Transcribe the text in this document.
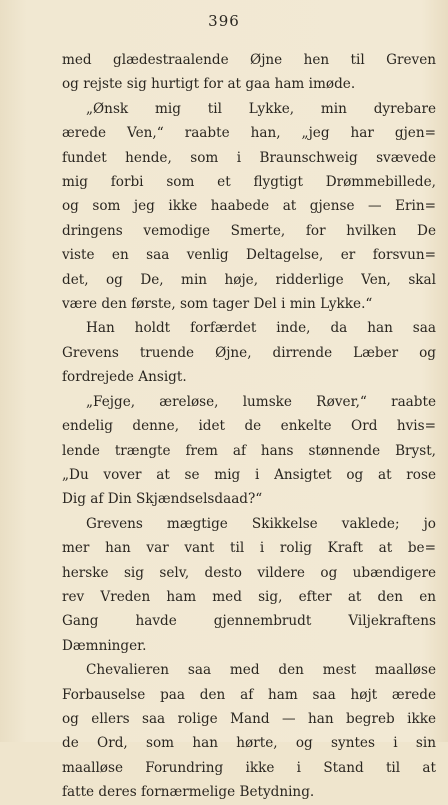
396

med glædestraalende Øjne hen til Greven
og rejste sig hurtigt for at gaa ham imøde.

„Ønsk mig til Lykke, min dyrebare
ærede Ven,“ raabte han, „jeg har gjen=
fundet hende, som i Braunschweig svævede
mig forbi som et flygtigt Drømmebillede,
og som jeg ikke haabede at gjense — Erin=
dringens vemodige Smerte, for hvilken De
viste en saa venlig Deltagelse, er forsvun=
det, og De, min høje, ridderlige Ven, skal
være den første, som tager Del i min Lykke.“

Han holdt forfærdet inde, da han saa
Grevens truende Øjne, dirrende Læber og
fordrejede Ansigt.

„Fejge, æreløse, lumske Røver,“ raabte
endelig denne, idet de enkelte Ord hvis=
lende trængte frem af hans stønnende Bryst,
„Du vover at se mig i Ansigtet og at rose
Dig af Din Skjændselsdaad?“

Grevens mægtige Skikkelse vaklede; jo
mer han var vant til i rolig Kraft at be=
herske sig selv, desto vildere og ubændigere
rev Vreden ham med sig, efter at den en
Gang havde gjennembrudt Viljekraftens
Dæmninger.

Chevalieren saa med den mest maalløse
Forbauselse paa den af ham saa højt ærede
og ellers saa rolige Mand — han begreb ikke
de Ord, som han hørte, og syntes i sin
maalløse Forundring ikke i Stand til at
fatte deres fornærmelige Betydning.
